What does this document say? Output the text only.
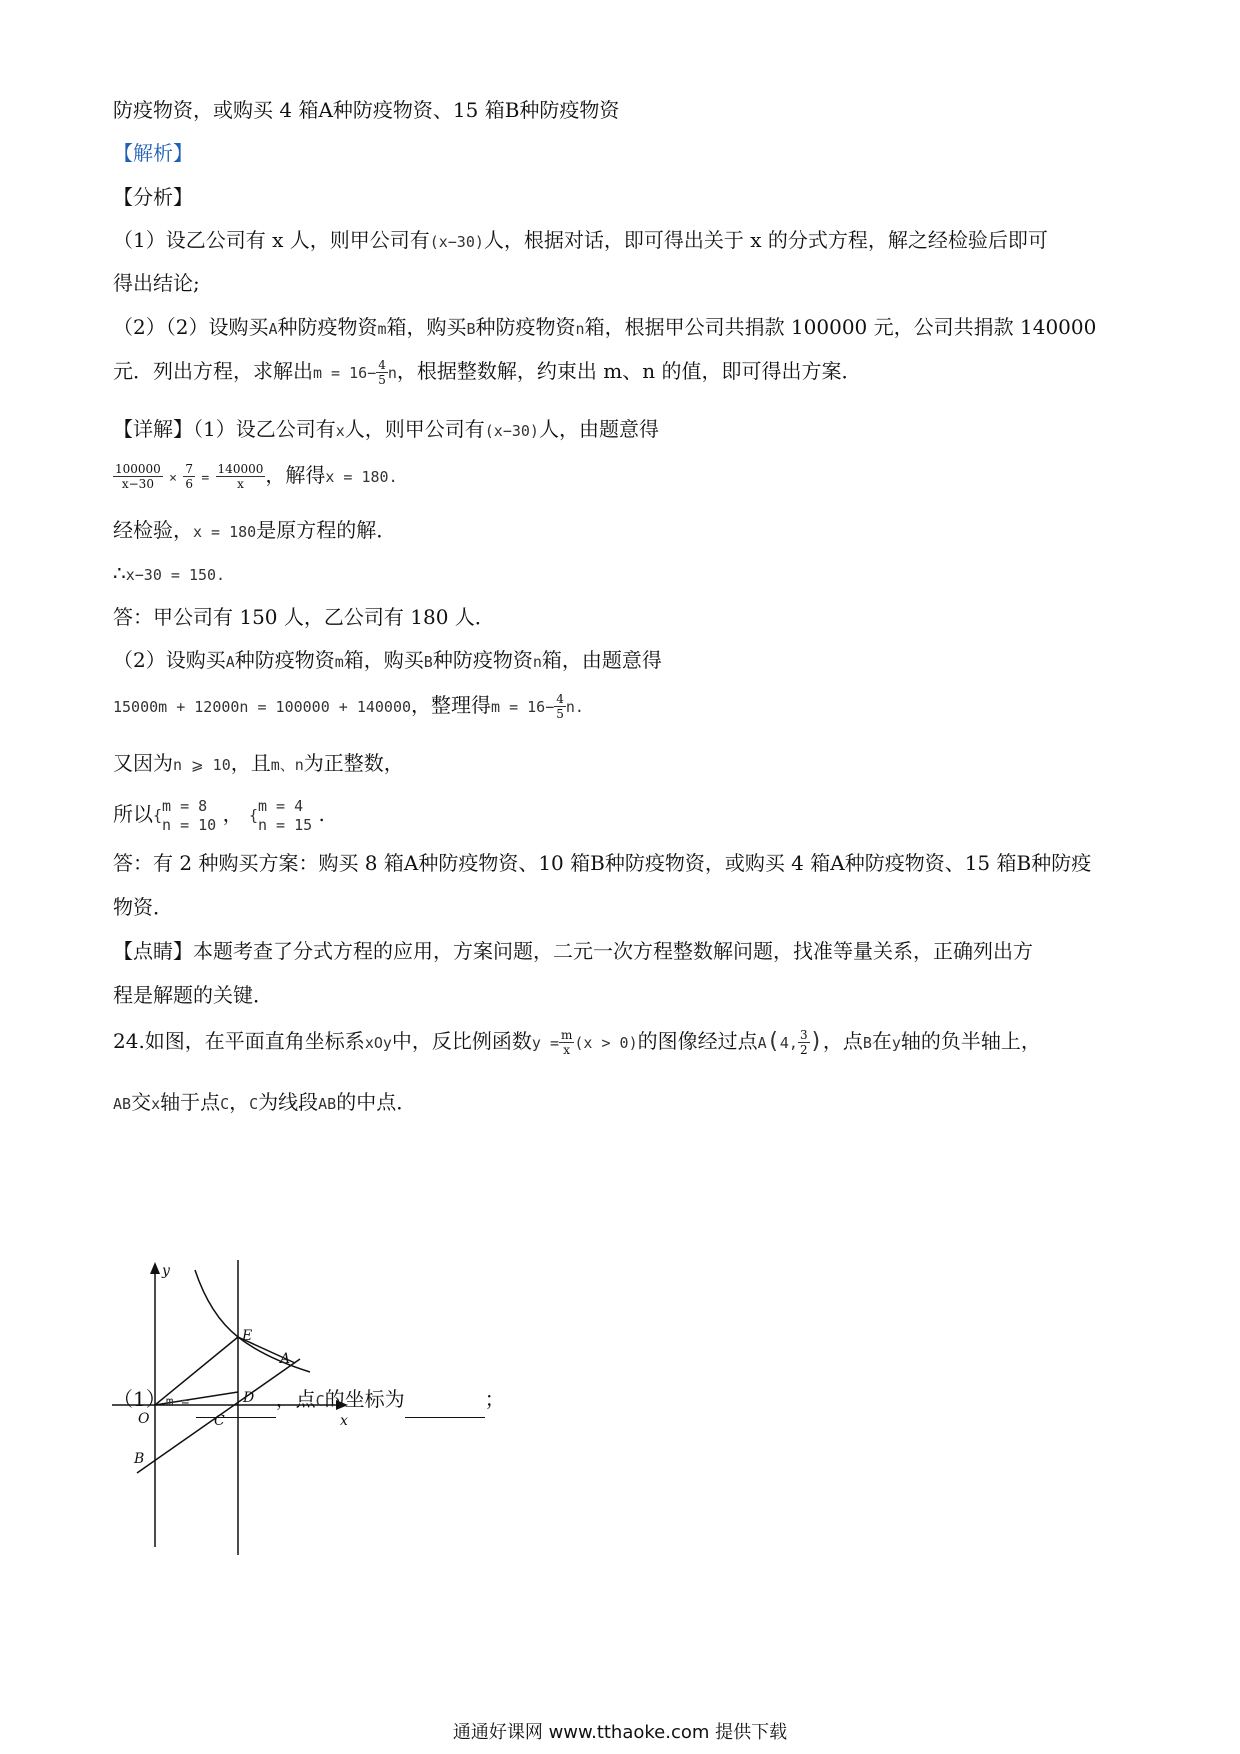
防疫物资，或购买 4 箱A种防疫物资、15 箱B种防疫物资
【解析】
【分析】
（1）设乙公司有 x 人，则甲公司有(x−30)人，根据对话，即可得出关于 x 的分式方程，解之经检验后即可
得出结论;
（2）（2）设购买A种防疫物资m箱，购买B种防疫物资n箱，根据甲公司共捐款 100000 元，公司共捐款 140000
元．列出方程，求解出$m = 16- \frac{4}{5}$ n，根据整数解，约束出 m、n 的值，即可得出方案．
【详解】（1）设乙公司有x人，则甲公司有(x−30)人，由题意得
$\frac{100000}{x-30} \times \frac{7}{6} = \frac{140000}{x}$ ，解得x = 180.
经检验，x = 180是原方程的解．
∴x−30 = 150.
答：甲公司有 150 人，乙公司有 180 人．
（2）设购买A种防疫物资m箱，购买B种防疫物资n箱，由题意得
15000m + 12000n = 100000 + 140000，整理得$m = 16- \frac{4}{5} n$.
又因为n ⩾ 10，且m、n为正整数，
所以{
m = 8
n = 10 ， {
m = 4
n = 15 .
答：有 2 种购买方案：购买 8 箱A种防疫物资、10 箱B种防疫物资，或购买 4 箱A种防疫物资、15 箱B种防疫
物资．
【点睛】本题考查了分式方程的应用，方案问题，二元一次方程整数解问题，找准等量关系，正确列出方
程是解题的关键．
24.如图，在平面直角坐标系xOy中，反比例函数$y = \frac{m}{x} (x > 0)$的图像经过点A(4, $\frac{3}{2}$ )，点B在y轴的负半轴上，
AB交x轴于点C，C为线段AB的中点．
y
x
O
E
A
D
C
B
（1）m =	，点C的坐标为	；
通通好课网 www.tthaoke.com 提供下载
